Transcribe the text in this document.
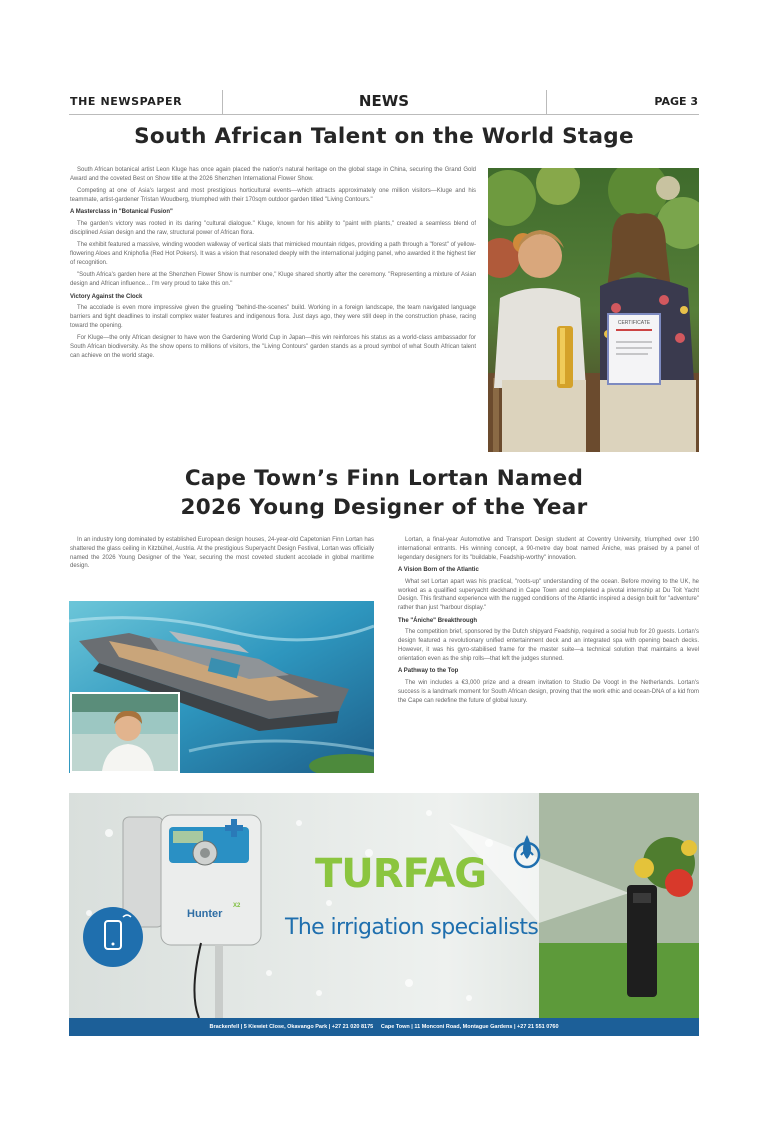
THE NEWSPAPER	NEWS	PAGE 3
South African Talent on the World Stage

South African botanical artist Leon Kluge has once again placed the nation's natural heritage on the global stage in China, securing the Grand Gold Award and the coveted Best on Show title at the 2026 Shenzhen International Flower Show.

Competing at one of Asia's largest and most prestigious horticultural events—which attracts approximately one million visitors—Kluge and his teammate, artist-gardener Tristan Woudberg, triumphed with their 170sqm outdoor garden titled "Living Contours."

A Masterclass in "Botanical Fusion"

The garden's victory was rooted in its daring "cultural dialogue." Kluge, known for his ability to "paint with plants," created a seamless blend of disciplined Asian design and the raw, structural power of African flora.

The exhibit featured a massive, winding wooden walkway of vertical slats that mimicked mountain ridges, providing a path through a "forest" of yellow-flowering Aloes and Kniphofia (Red Hot Pokers). It was a vision that resonated deeply with the international judging panel, who awarded it the highest tier of recognition.

"South Africa's garden here at the Shenzhen Flower Show is number one," Kluge shared shortly after the ceremony. "Representing a mixture of Asian design and African influence... I'm very proud to take this on."

Victory Against the Clock

The accolade is even more impressive given the grueling "behind-the-scenes" build. Working in a foreign landscape, the team navigated language barriers and tight deadlines to install complex water features and indigenous flora. Just days ago, they were still deep in the construction phase, racing toward the opening.

For Kluge—the only African designer to have won the Gardening World Cup in Japan—this win reinforces his status as a world-class ambassador for South African biodiversity. As the show opens to millions of visitors, the "Living Contours" garden stands as a proud symbol of what South African talent can achieve on the world stage.

CERTIFICATE
Cape Town’s Finn Lortan Named
2026 Young Designer of the Year

In an industry long dominated by established European design houses, 24-year-old Capetonian Finn Lortan has shattered the glass ceiling in Kitzbühel, Austria. At the prestigious Superyacht Design Festival, Lortan was officially named the 2026 Young Designer of the Year, securing the most coveted student accolade in global maritime design.

Lortan, a final-year Automotive and Transport Design student at Coventry University, triumphed over 190 international entrants. His winning concept, a 90-metre day boat named Ániche, was praised by a panel of legendary designers for its "buildable, Feadship-worthy" innovation.

A Vision Born of the Atlantic

What set Lortan apart was his practical, "roots-up" understanding of the ocean. Before moving to the UK, he worked as a qualified superyacht deckhand in Cape Town and completed a pivotal internship at Du Toit Yacht Design. This firsthand experience with the rugged conditions of the Atlantic inspired a design built for "adventure" rather than just "harbour display."

The "Ániche" Breakthrough

The competition brief, sponsored by the Dutch shipyard Feadship, required a social hub for 20 guests. Lortan's design featured a revolutionary unified entertainment deck and an integrated spa with opening beach decks. However, it was his gyro-stabilised frame for the master suite—a technical solution that maintains a level orientation even as the ship rolls—that left the judges stunned.

A Pathway to the Top

The win includes a €3,000 prize and a dream invitation to Studio De Voogt in the Netherlands. Lortan's success is a landmark moment for South African design, proving that the work ethic and ocean-DNA of a kid from the Cape can redefine the future of global luxury.

Hunter
X2
TURFAG
The irrigation specialists
Brackenfell | 5 Kiewiet Close, Okavango Park | +27 21 020 8175     Cape Town | 11 Monconi Road, Montague Gardens | +27 21 551 0760
